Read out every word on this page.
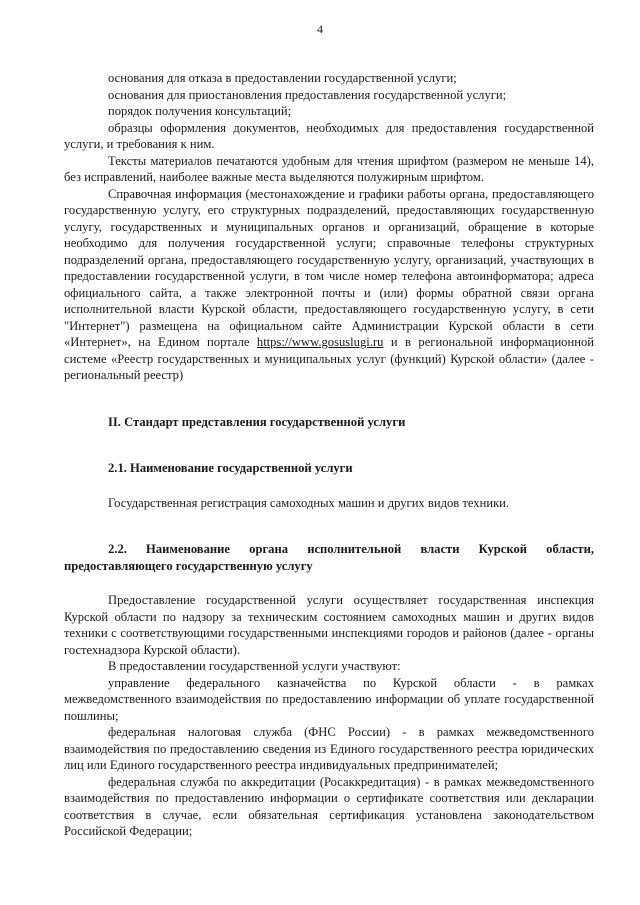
4

основания для отказа в предоставлении государственной услуги;

основания для приостановления предоставления государственной услуги;

порядок получения консультаций;

образцы оформления документов, необходимых для предоставления государственной услуги, и требования к ним.

Тексты материалов печатаются удобным для чтения шрифтом (размером не меньше 14), без исправлений, наиболее важные места выделяются полужирным шрифтом.

Справочная информация (местонахождение и графики работы органа, предоставляющего государственную услугу, его структурных подразделений, предоставляющих государственную услугу, государственных и муниципальных органов и организаций, обращение в которые необходимо для получения государственной услуги; справочные телефоны структурных подразделений органа, предоставляющего государственную услугу, организаций, участвующих в предоставлении государственной услуги, в том числе номер телефона автоинформатора; адреса официального сайта, а также электронной почты и (или) формы обратной связи органа исполнительной власти Курской области, предоставляющего государственную услугу, в сети "Интернет") размещена на официальном сайте Администрации Курской области в сети «Интернет», на Едином портале https://www.gosuslugi.ru и в региональной информационной системе «Реестр государственных и муниципальных услуг (функций) Курской области» (далее - региональный реестр)

II. Стандарт представления государственной услуги

2.1. Наименование государственной услуги

Государственная регистрация самоходных машин и других видов техники.

2.2. Наименование органа исполнительной власти Курской области, предоставляющего государственную услугу

Предоставление государственной услуги осуществляет государственная инспекция Курской области по надзору за техническим состоянием самоходных машин и других видов техники с соответствующими государственными инспекциями городов и районов (далее - органы гостехнадзора Курской области).

В предоставлении государственной услуги участвуют:

управление федерального казначейства по Курской области - в рамках межведомственного взаимодействия по предоставлению информации об уплате государственной пошлины;

федеральная налоговая служба (ФНС России) - в рамках межведомственного взаимодействия по предоставлению сведения из Единого государственного реестра юридических лиц или Единого государственного реестра индивидуальных предпринимателей;

федеральная служба по аккредитации (Росаккредитация) - в рамках межведомственного взаимодействия по предоставлению информации о сертификате соответствия или декларации соответствия в случае, если обязательная сертификация установлена законодательством Российской Федерации;
